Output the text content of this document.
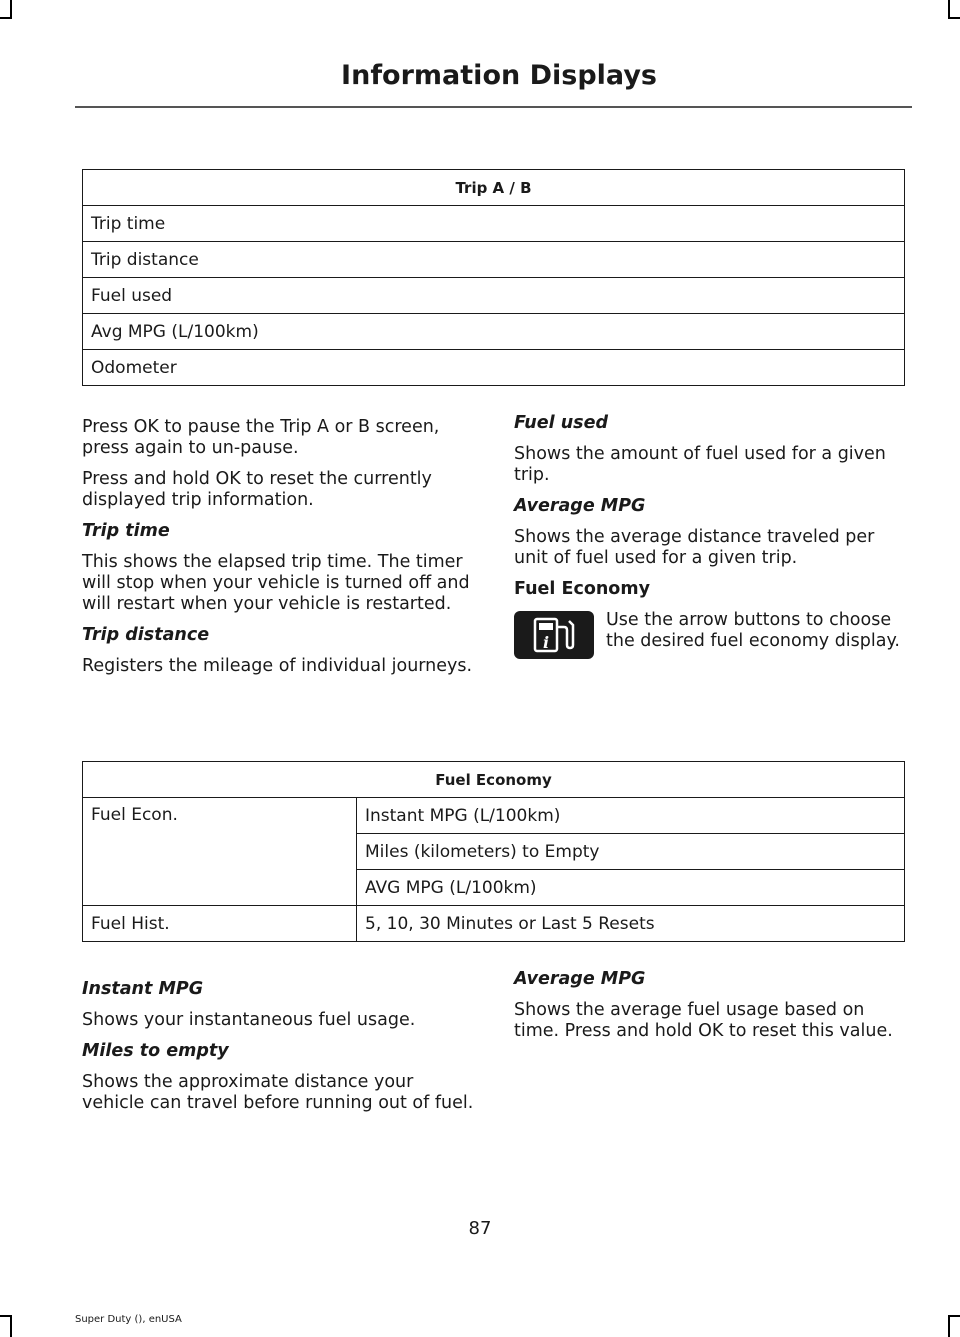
Information Displays
Trip A / B
Trip time
Trip distance
Fuel used
Avg MPG (L/100km)
Odometer

Press OK to pause the Trip A or B screen, press again to un-pause.

Press and hold OK to reset the currently displayed trip information.

Trip time

This shows the elapsed trip time. The timer will stop when your vehicle is turned off and will restart when your vehicle is restarted.

Trip distance

Registers the mileage of individual journeys.

Fuel used

Shows the amount of fuel used for a given trip.

Average MPG

Shows the average distance traveled per unit of fuel used for a given trip.

Fuel Economy
i

Use the arrow buttons to choose the desired fuel economy display.

Fuel Economy	
Fuel Econ.	Instant MPG (L/100km)
	Miles (kilometers) to Empty
	AVG MPG (L/100km)
Fuel Hist.	5, 10, 30 Minutes or Last 5 Resets
Instant MPG

Shows your instantaneous fuel usage.

Miles to empty

Shows the approximate distance your vehicle can travel before running out of fuel.

Average MPG

Shows the average fuel usage based on time. Press and hold OK to reset this value.

87
Super Duty (), enUSA
